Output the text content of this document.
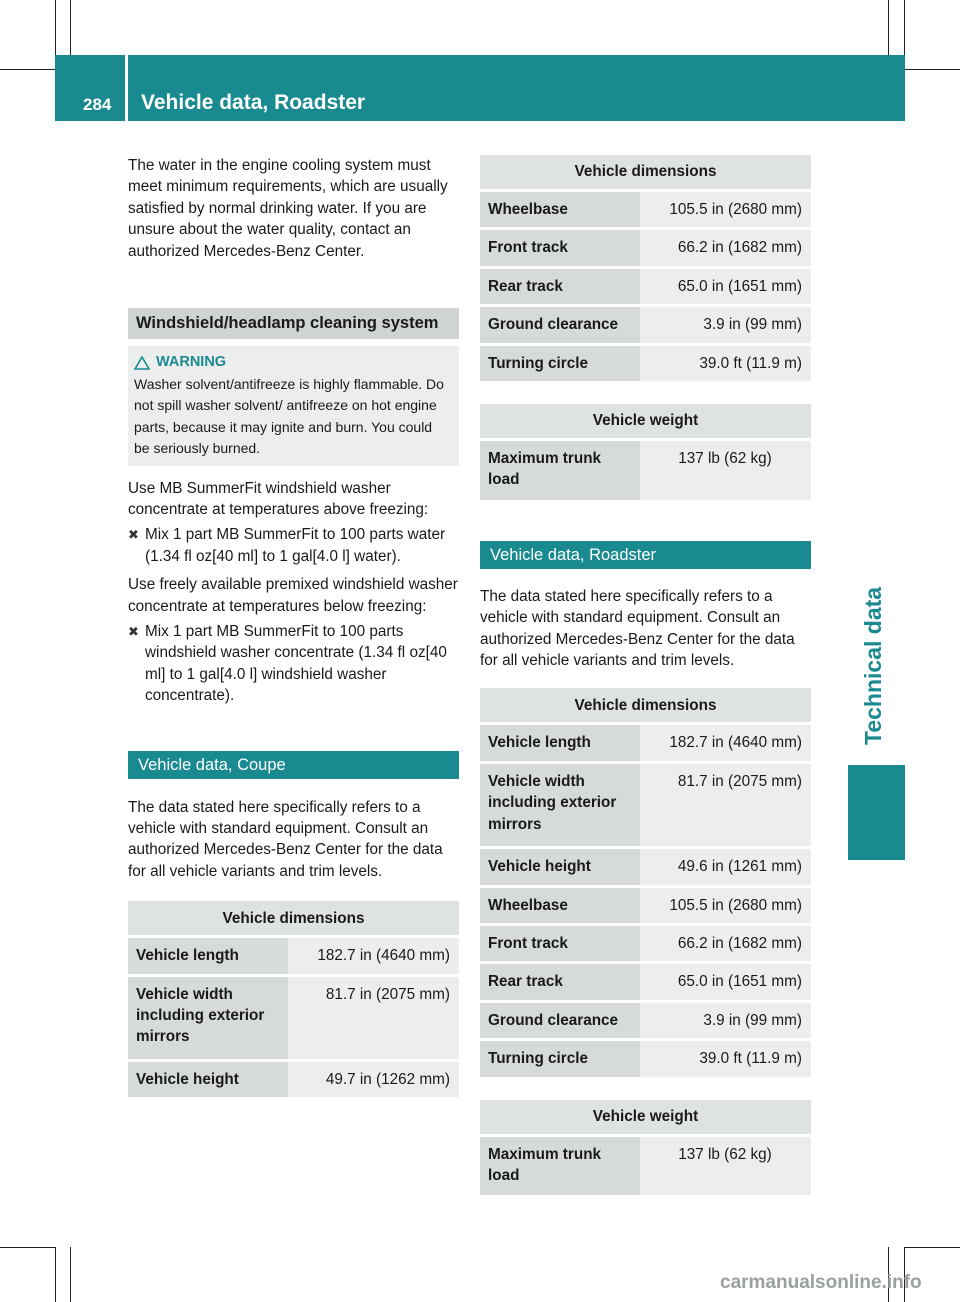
284 Vehicle data, Roadster
Technical data

The water in the engine cooling system must meet minimum requirements, which are usually satisfied by normal drinking water. If you are unsure about the water quality, contact an authorized Mercedes-Benz Center.

Windshield/headlamp cleaning system
WARNING
Washer solvent/antifreeze is highly flammable. Do not spill washer solvent/ antifreeze on hot engine parts, because it may ignite and burn. You could be seriously burned.

Use MB SummerFit windshield washer concentrate at temperatures above freezing:

✖ Mix 1 part MB SummerFit to 100 parts water (1.34 fl oz[40 ml] to 1 gal[4.0 l] water).

Use freely available premixed windshield washer concentrate at temperatures below freezing:

✖ Mix 1 part MB SummerFit to 100 parts windshield washer concentrate (1.34 fl oz[40 ml] to 1 gal[4.0 l] windshield washer concentrate).
Vehicle data, Coupe

The data stated here specifically refers to a vehicle with standard equipment. Consult an authorized Mercedes-Benz Center for the data for all vehicle variants and trim levels.

Vehicle dimensions	
Vehicle length	182.7 in (4640 mm)
Vehicle width including exterior mirrors	81.7 in (2075 mm)
Vehicle height	49.7 in (1262 mm)
Vehicle dimensions	
Wheelbase	105.5 in (2680 mm)
Front track	66.2 in (1682 mm)
Rear track	65.0 in (1651 mm)
Ground clearance	3.9 in (99 mm)
Turning circle	39.0 ft (11.9 m)
Vehicle weight
Maximum trunk load	137 lb (62 kg)
Vehicle data, Roadster

The data stated here specifically refers to a vehicle with standard equipment. Consult an authorized Mercedes-Benz Center for the data for all vehicle variants and trim levels.

Vehicle dimensions	
Vehicle length	182.7 in (4640 mm)
Vehicle width including exterior mirrors	81.7 in (2075 mm)
Vehicle height	49.6 in (1261 mm)
Wheelbase	105.5 in (2680 mm)
Front track	66.2 in (1682 mm)
Rear track	65.0 in (1651 mm)
Ground clearance	3.9 in (99 mm)
Turning circle	39.0 ft (11.9 m)
Vehicle weight
Maximum trunk load	137 lb (62 kg)
carmanualsonline.info
